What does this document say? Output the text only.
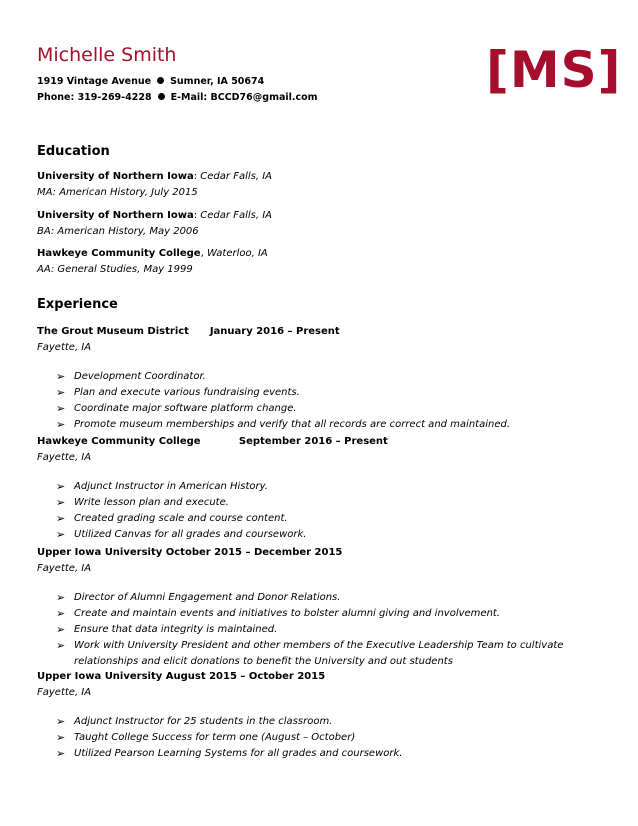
Michelle Smith
1919 Vintage Avenue Sumner, IA 50674
Phone: 319-269-4228 E-Mail: BCCD76@gmail.com	[MS]
Education
University of Northern Iowa: Cedar Falls, IA
MA: American History, July 2015
University of Northern Iowa: Cedar Falls, IA
BA: American History, May 2006
Hawkeye Community College, Waterloo, IA
AA: General Studies, May 1999
Experience
The Grout Museum District      January 2016 – Present
Fayette, IA
➢ Development Coordinator.
➢ Plan and execute various fundraising events.
➢ Coordinate major software platform change.
➢ Promote museum memberships and verify that all records are correct and maintained.
Hawkeye Community College           September 2016 – Present
Fayette, IA
➢ Adjunct Instructor in American History.
➢ Write lesson plan and execute.
➢ Created grading scale and course content.
➢ Utilized Canvas for all grades and coursework.
Upper Iowa University October 2015 – December 2015
Fayette, IA
➢ Director of Alumni Engagement and Donor Relations.
➢ Create and maintain events and initiatives to bolster alumni giving and involvement.
➢ Ensure that data integrity is maintained.
➢ Work with University President and other members of the Executive Leadership Team to cultivate relationships and elicit donations to benefit the University and out students
Upper Iowa University August 2015 – October 2015
Fayette, IA
➢ Adjunct Instructor for 25 students in the classroom.
➢ Taught College Success for term one (August – October)
➢ Utilized Pearson Learning Systems for all grades and coursework.
